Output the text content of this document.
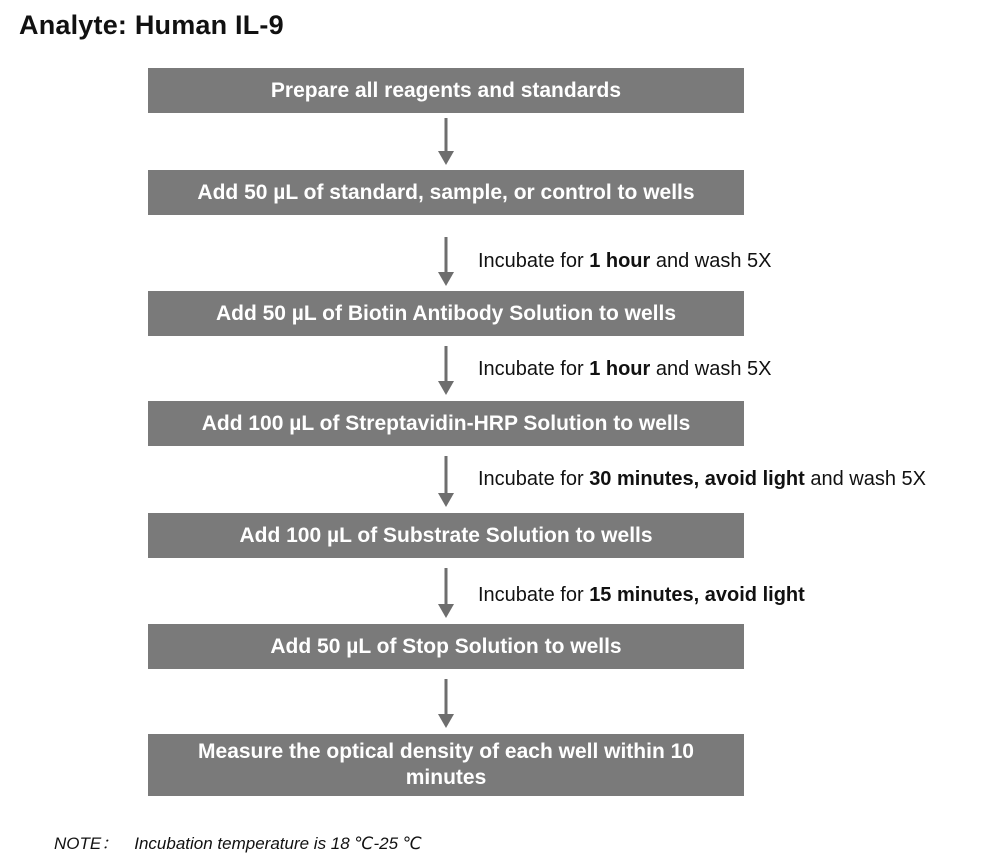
Analyte: Human IL-9
Prepare all reagents and standards
Add 50 µL of standard, sample, or control to wells
Add 50 µL of Biotin Antibody Solution to wells
Add 100 µL of Streptavidin-HRP Solution to wells
Add 100 µL of Substrate Solution to wells
Add 50 µL of Stop Solution to wells
Measure the optical density of each well within 10 minutes
Incubate for 1 hour and wash 5X
Incubate for 1 hour and wash 5X
Incubate for 30 minutes, avoid light and wash 5X
Incubate for 15 minutes, avoid light
NOTE： Incubation temperature is 18 ℃-25 ℃
